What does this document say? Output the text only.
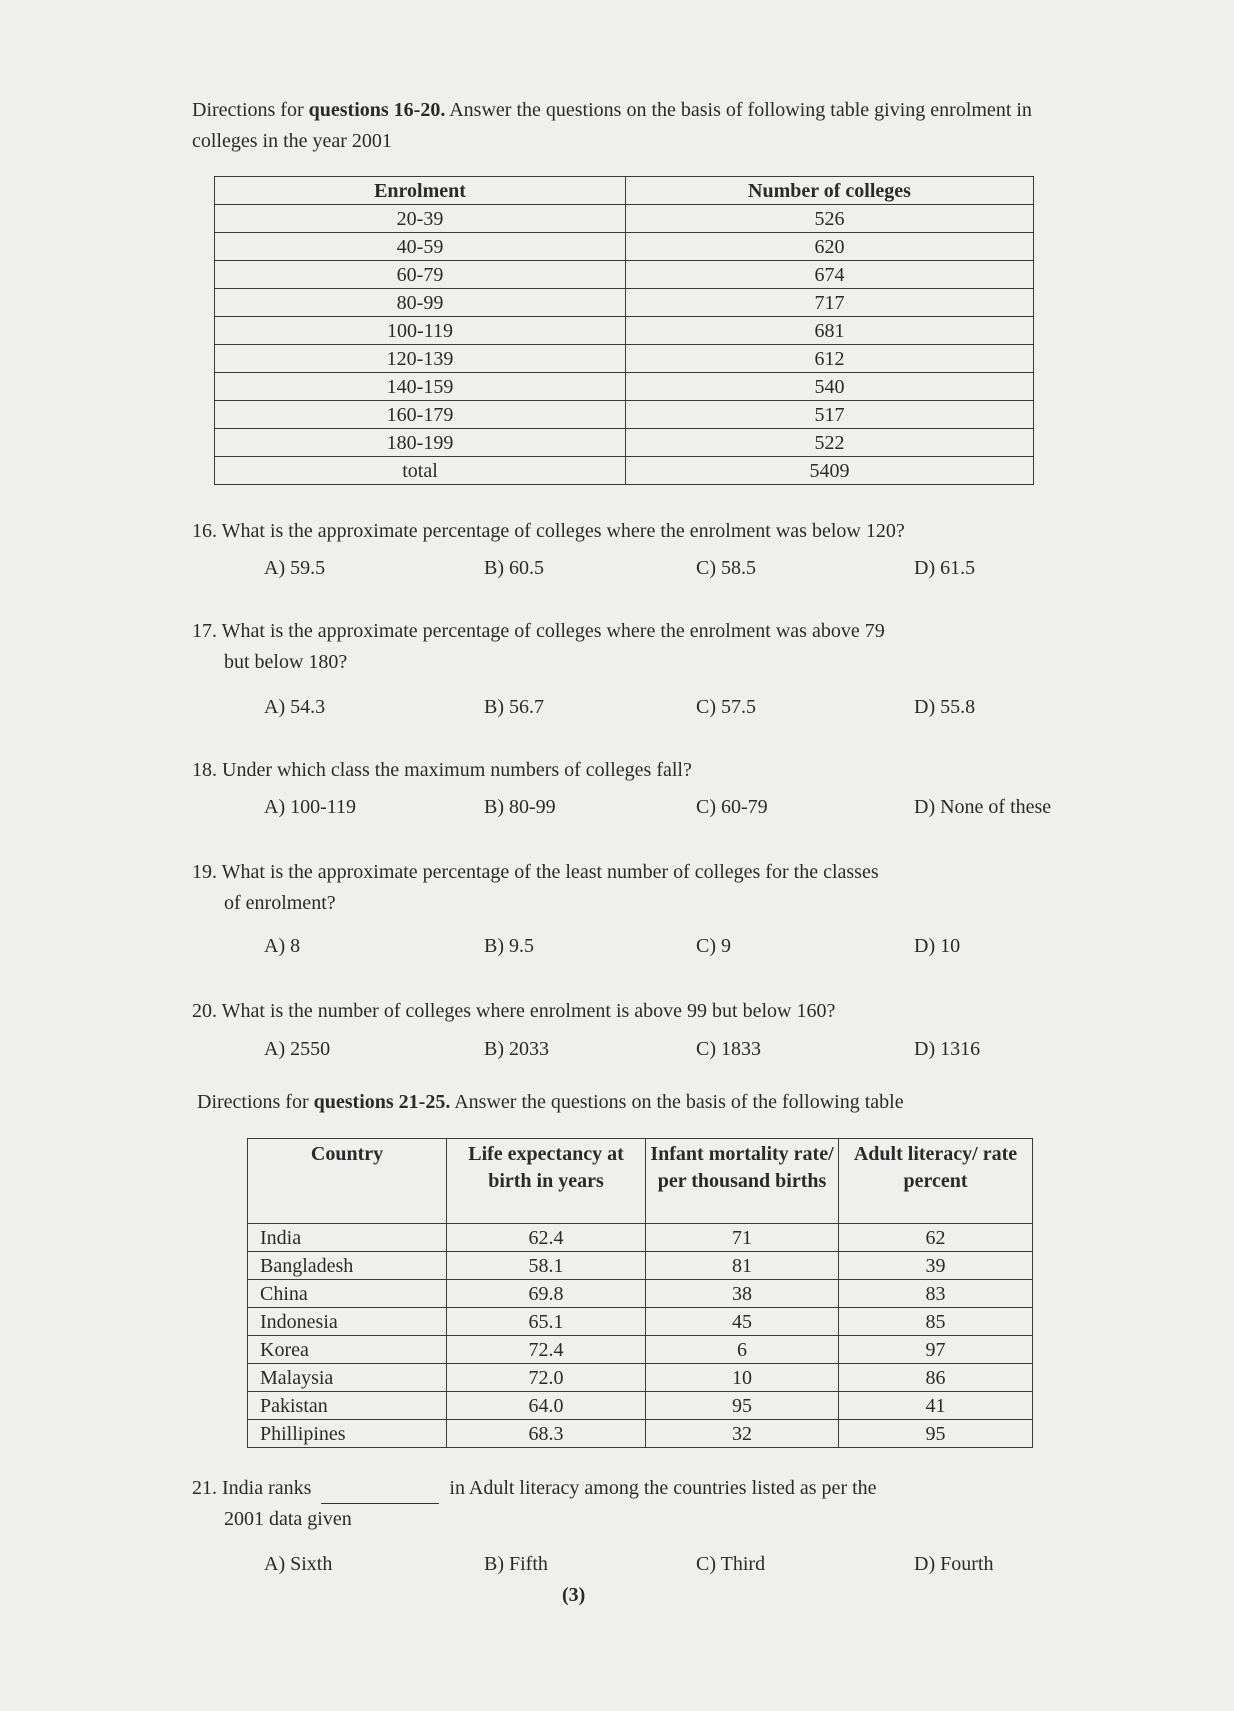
Directions for questions 16-20. Answer the questions on the basis of following table giving enrolment in colleges in the year 2001
Enrolment	Number of colleges
20-39	526
40-59	620
60-79	674
80-99	717
100-119	681
120-139	612
140-159	540
160-179	517
180-199	522
total	5409
16. What is the approximate percentage of colleges where the enrolment was below 120?
A) 59.5	B) 60.5	C) 58.5	D) 61.5
17. What is the approximate percentage of colleges where the enrolment was above 79
but below 180?
A) 54.3	B) 56.7	C) 57.5	D) 55.8
18. Under which class the maximum numbers of colleges fall?
A) 100-119	B) 80-99	C) 60-79	D) None of these
19. What is the approximate percentage of the least number of colleges for the classes
of enrolment?
A) 8	B) 9.5	C) 9	D) 10
20. What is the number of colleges where enrolment is above 99 but below 160?
A) 2550	B) 2033	C) 1833	D) 1316
Directions for questions 21-25. Answer the questions on the basis of the following table
Country	Life expectancy at birth in years	Infant mortality rate/ per thousand births	Adult literacy/ rate percent
India	62.4	71	62
Bangladesh	58.1	81	39
China	69.8	38	83
Indonesia	65.1	45	85
Korea	72.4	6	97
Malaysia	72.0	10	86
Pakistan	64.0	95	41
Phillipines	68.3	32	95
21. India ranks	in Adult literacy among the countries listed as per the
2001 data given
A) Sixth	B) Fifth	C) Third	D) Fourth
(3)
